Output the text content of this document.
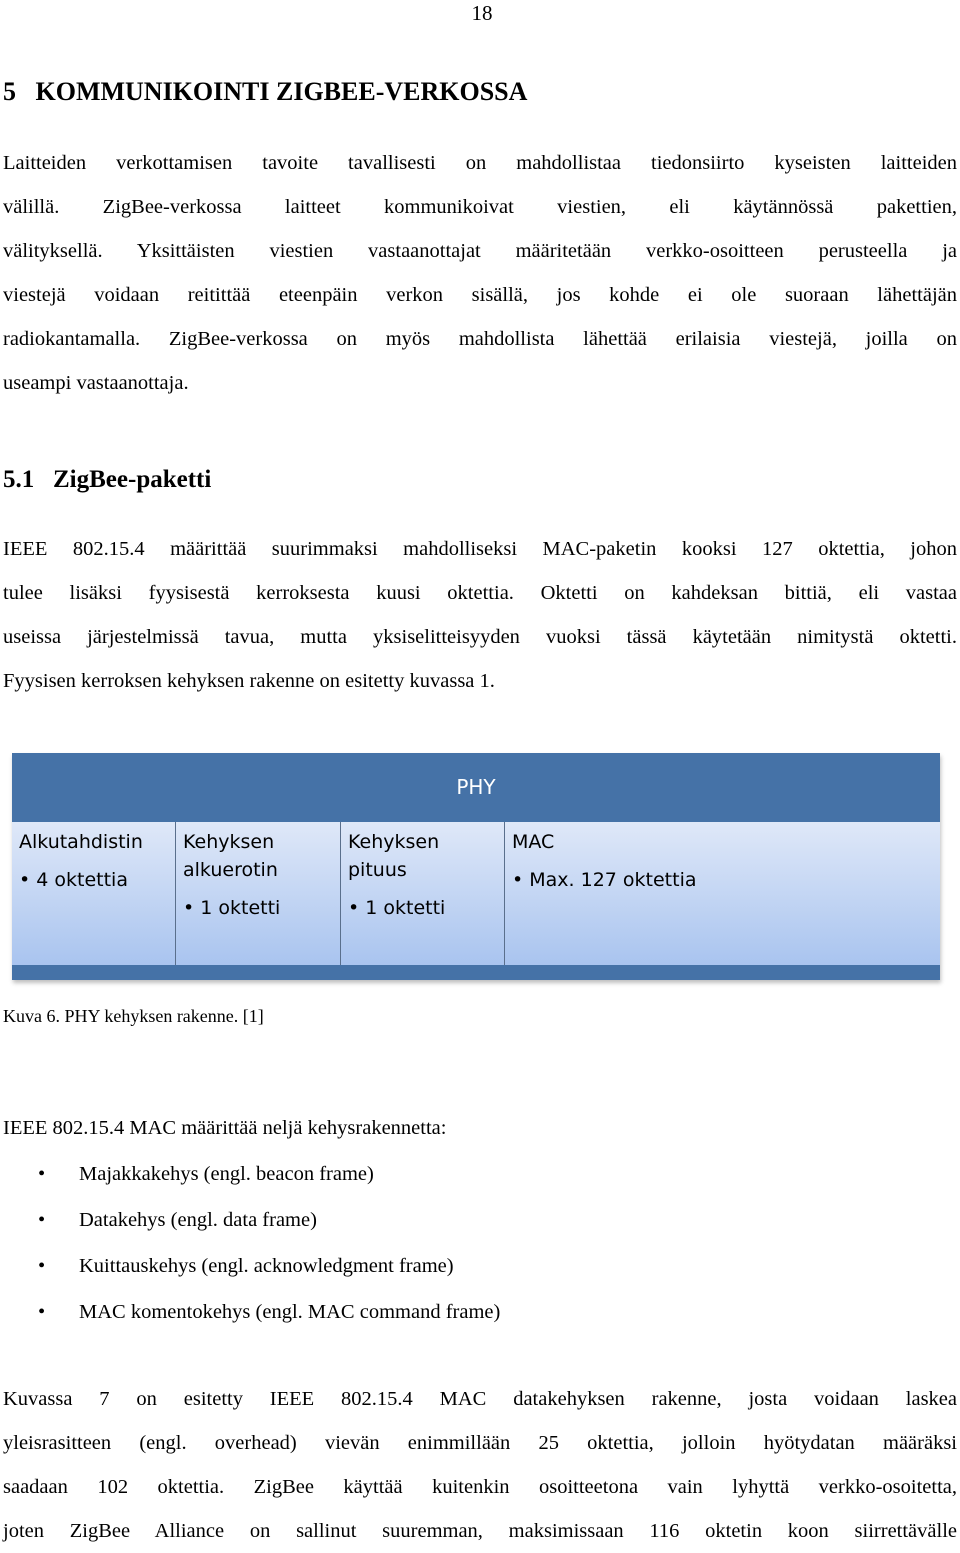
18
5   KOMMUNIKOINTI ZIGBEE-VERKOSSA
Laitteiden verkottamisen tavoite tavallisesti on mahdollistaa tiedonsiirto kyseisten laitteiden
välillä. ZigBee-verkossa laitteet kommunikoivat viestien, eli käytännössä pakettien,
välityksellä. Yksittäisten viestien vastaanottajat määritetään verkko-osoitteen perusteella ja
viestejä voidaan reitittää eteenpäin verkon sisällä, jos kohde ei ole suoraan lähettäjän
radiokantamalla. ZigBee-verkossa on myös mahdollista lähettää erilaisia viestejä, joilla on
useampi vastaanottaja.
5.1   ZigBee-paketti
IEEE 802.15.4 määrittää suurimmaksi mahdolliseksi MAC-paketin kooksi 127 oktettia, johon
tulee lisäksi fyysisestä kerroksesta kuusi oktettia. Oktetti on kahdeksan bittiä, eli vastaa
useissa järjestelmissä tavua, mutta yksiselitteisyyden vuoksi tässä käytetään nimitystä oktetti.
Fyysisen kerroksen kehyksen rakenne on esitetty kuvassa 1.
PHY
Alkutahdistin
• 4 oktettia
Kehyksen alkuerotin
• 1 oktetti
Kehyksen pituus
• 1 oktetti
MAC
• Max. 127 oktettia
Kuva 6. PHY kehyksen rakenne. [1]
IEEE 802.15.4 MAC määrittää neljä kehysrakennetta:
• Majakkakehys (engl. beacon frame)
• Datakehys (engl. data frame)
• Kuittauskehys (engl. acknowledgment frame)
• MAC komentokehys (engl. MAC command frame)
Kuvassa 7 on esitetty IEEE 802.15.4 MAC datakehyksen rakenne, josta voidaan laskea
yleisrasitteen (engl. overhead) vievän enimmillään 25 oktettia, jolloin hyötydatan määräksi
saadaan 102 oktettia. ZigBee käyttää kuitenkin osoitteetona vain lyhyttä verkko-osoitetta,
joten ZigBee Alliance on sallinut suuremman, maksimissaan 116 oktetin koon siirrettävälle
